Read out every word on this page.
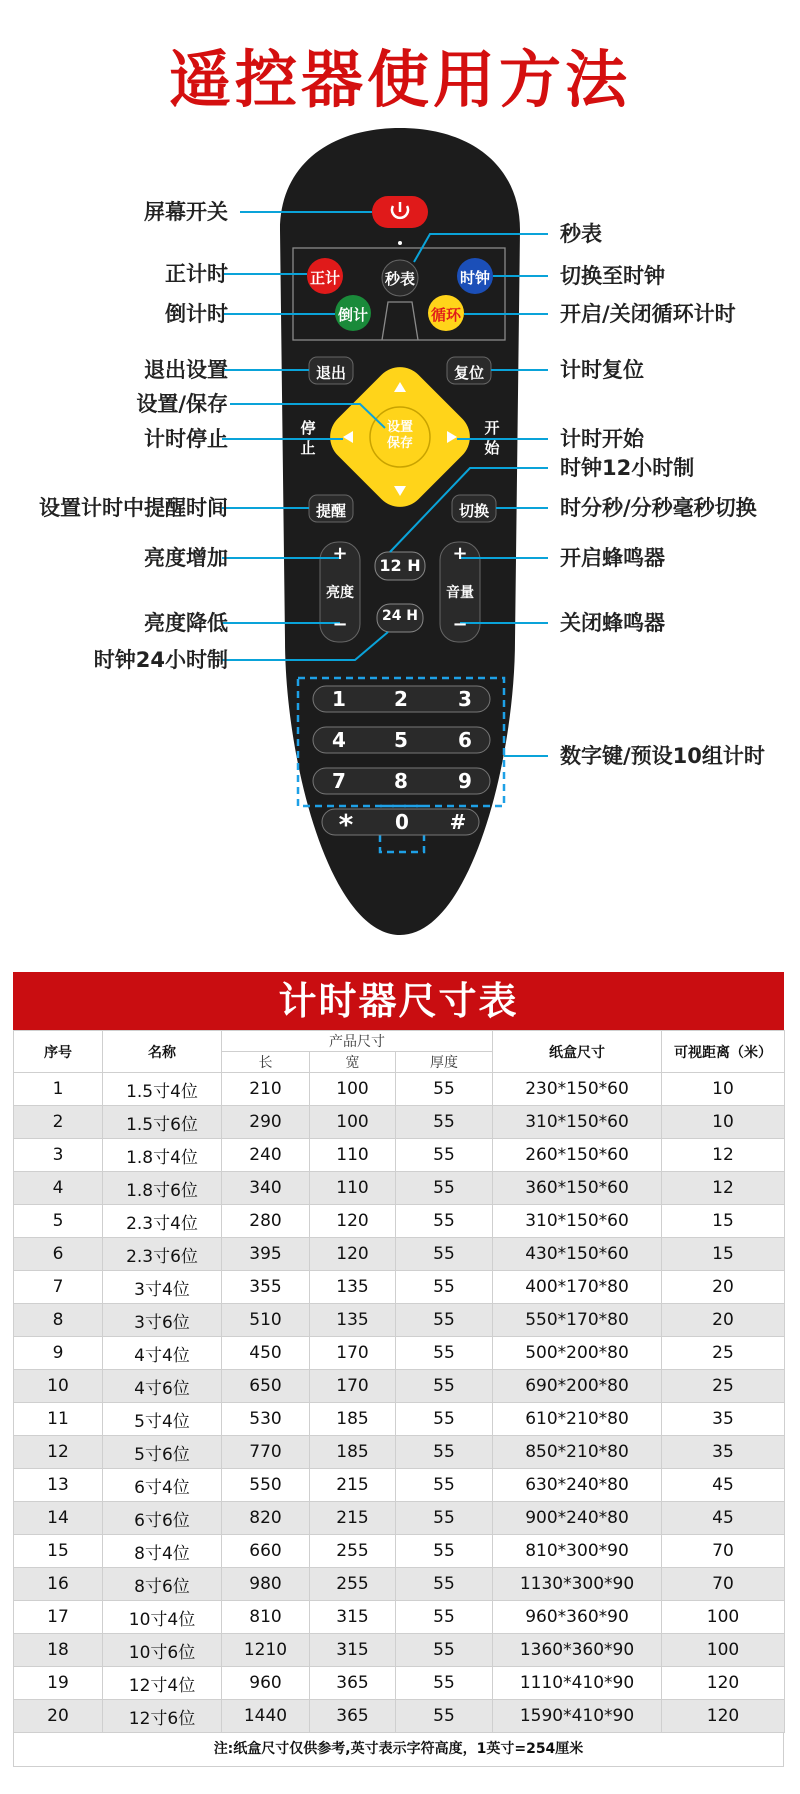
遥控器使用方法
秒表
正计	时钟
倒计	循环
退出	复位
设置
保存
停
止
开
始
提醒	切换
12 H
24 H
+
亮度
−
+
音量
−
1	2	3
4	5	6
7	8	9
*	0	#
屏幕开关
正计时
倒计时
退出设置
设置/保存
计时停止
设置计时中提醒时间
亮度增加
亮度降低
时钟24小时制
秒表
切换至时钟
开启/关闭循环计时
计时复位
计时开始
时钟12小时制
时分秒/分秒毫秒切换
开启蜂鸣器
关闭蜂鸣器
数字键/预设10组计时
计时器尺寸表
序号	名称	产品尺寸			纸盒尺寸	可视距离（米）
		长	宽	厚度		
1	1.5寸4位	210	100	55	230*150*60	10
2	1.5寸6位	290	100	55	310*150*60	10
3	1.8寸4位	240	110	55	260*150*60	12
4	1.8寸6位	340	110	55	360*150*60	12
5	2.3寸4位	280	120	55	310*150*60	15
6	2.3寸6位	395	120	55	430*150*60	15
7	3寸4位	355	135	55	400*170*80	20
8	3寸6位	510	135	55	550*170*80	20
9	4寸4位	450	170	55	500*200*80	25
10	4寸6位	650	170	55	690*200*80	25
11	5寸4位	530	185	55	610*210*80	35
12	5寸6位	770	185	55	850*210*80	35
13	6寸4位	550	215	55	630*240*80	45
14	6寸6位	820	215	55	900*240*80	45
15	8寸4位	660	255	55	810*300*90	70
16	8寸6位	980	255	55	1130*300*90	70
17	10寸4位	810	315	55	960*360*90	100
18	10寸6位	1210	315	55	1360*360*90	100
19	12寸4位	960	365	55	1110*410*90	120
20	12寸6位	1440	365	55	1590*410*90	120
注:纸盒尺寸仅供参考,英寸表示字符高度，1英寸=254厘米
